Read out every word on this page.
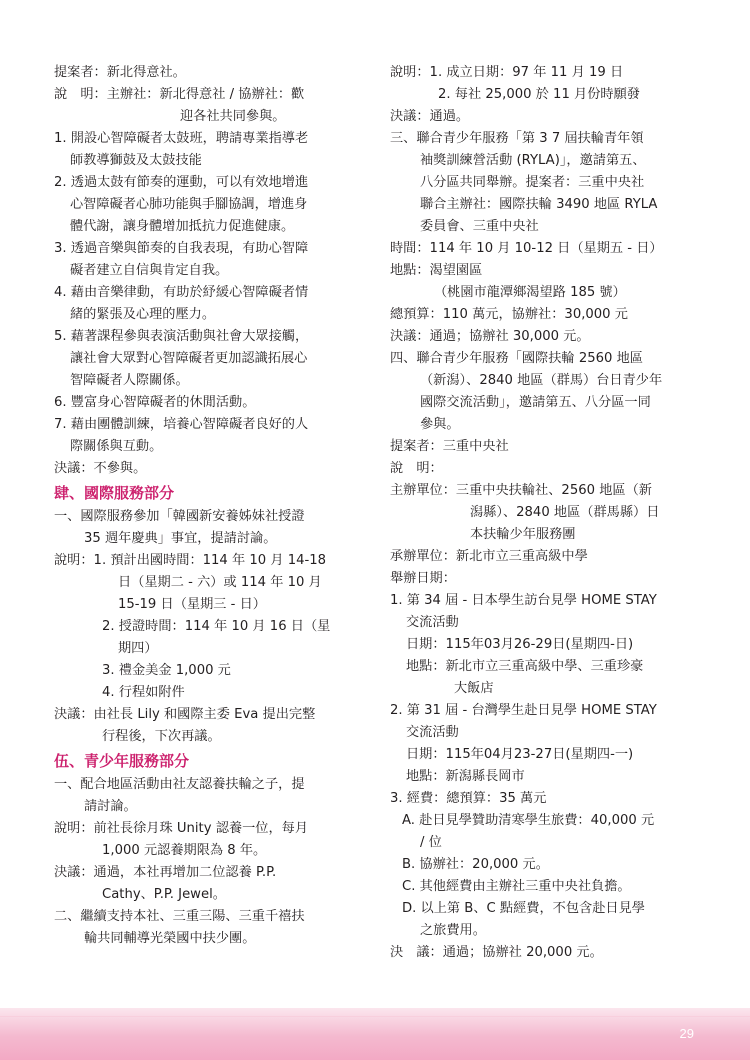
提案者：新北得意社。
說　明：主辦社：新北得意社 / 協辦社：歡
迎各社共同參與。
1. 開設心智障礙者太鼓班，聘請專業指導老
師教導獅鼓及太鼓技能
2. 透過太鼓有節奏的運動，可以有效地增進
心智障礙者心肺功能與手腳協調，增進身
體代謝，讓身體增加抵抗力促進健康。
3. 透過音樂與節奏的自我表現，有助心智障
礙者建立自信與肯定自我。
4. 藉由音樂律動，有助於紓緩心智障礙者情
緒的緊張及心理的壓力。
5. 藉著課程參與表演活動與社會大眾接觸，
讓社會大眾對心智障礙者更加認識拓展心
智障礙者人際關係。
6. 豐富身心智障礙者的休閒活動。
7. 藉由團體訓練，培養心智障礙者良好的人
際關係與互動。
決議：不參與。
肆、國際服務部分
一、國際服務參加「韓國新安養姊妹社授證
35 週年慶典」事宜，提請討論。
說明：1. 預計出國時間：114 年 10 月 14-18
日（星期二 - 六）或 114 年 10 月
15-19 日（星期三 - 日）
2. 授證時間：114 年 10 月 16 日（星
期四）
3. 禮金美金 1,000 元
4. 行程如附件
決議：由社長 Lily 和國際主委 Eva 提出完整
行程後，下次再議。
伍、青少年服務部分
一、配合地區活動由社友認養扶輪之子，提
請討論。
說明：前社長徐月珠 Unity 認養一位，每月
1,000 元認養期限為 8 年。
決議：通過，本社再增加二位認養 P.P.
Cathy、P.P. Jewel。
二、繼續支持本社、三重三陽、三重千禧扶
輪共同輔導光榮國中扶少團。
說明：1. 成立日期：97 年 11 月 19 日
2. 每社 25,000 於 11 月份時願發
決議：通過。
三、聯合青少年服務「第 3 7 屆扶輪青年領
袖獎訓練營活動 (RYLA)」，邀請第五、
八分區共同舉辦。提案者：三重中央社
聯合主辦社：國際扶輪 3490 地區 RYLA
委員會、三重中央社
時間：114 年 10 月 10-12 日（星期五 - 日）
地點：渴望園區
（桃園市龍潭鄉渴望路 185 號）
總預算：110 萬元，協辦社：30,000 元
決議：通過；協辦社 30,000 元。
四、聯合青少年服務「國際扶輪 2560 地區
（新潟）、2840 地區（群馬）台日青少年
國際交流活動」，邀請第五、八分區一同
參與。
提案者：三重中央社
說　明：
主辦單位：三重中央扶輪社、2560 地區（新
潟縣）、2840 地區（群馬縣）日
本扶輪少年服務團
承辦單位：新北市立三重高級中學
舉辦日期：
1. 第 34 屆 - 日本學生訪台見學 HOME STAY
交流活動
日期：115年03月26-29日(星期四-日)
地點：新北市立三重高級中學、三重珍豪
大飯店
2. 第 31 屆 - 台灣學生赴日見學 HOME STAY
交流活動
日期：115年04月23-27日(星期四-一)
地點：新潟縣長岡市
3. 經費：總預算：35 萬元
A. 赴日見學贊助清寒學生旅費：40,000 元
/ 位
B. 協辦社：20,000 元。
C. 其他經費由主辦社三重中央社負擔。
D. 以上第 B、C 點經費，不包含赴日見學
之旅費用。
決　議：通過；協辦社 20,000 元。
29
